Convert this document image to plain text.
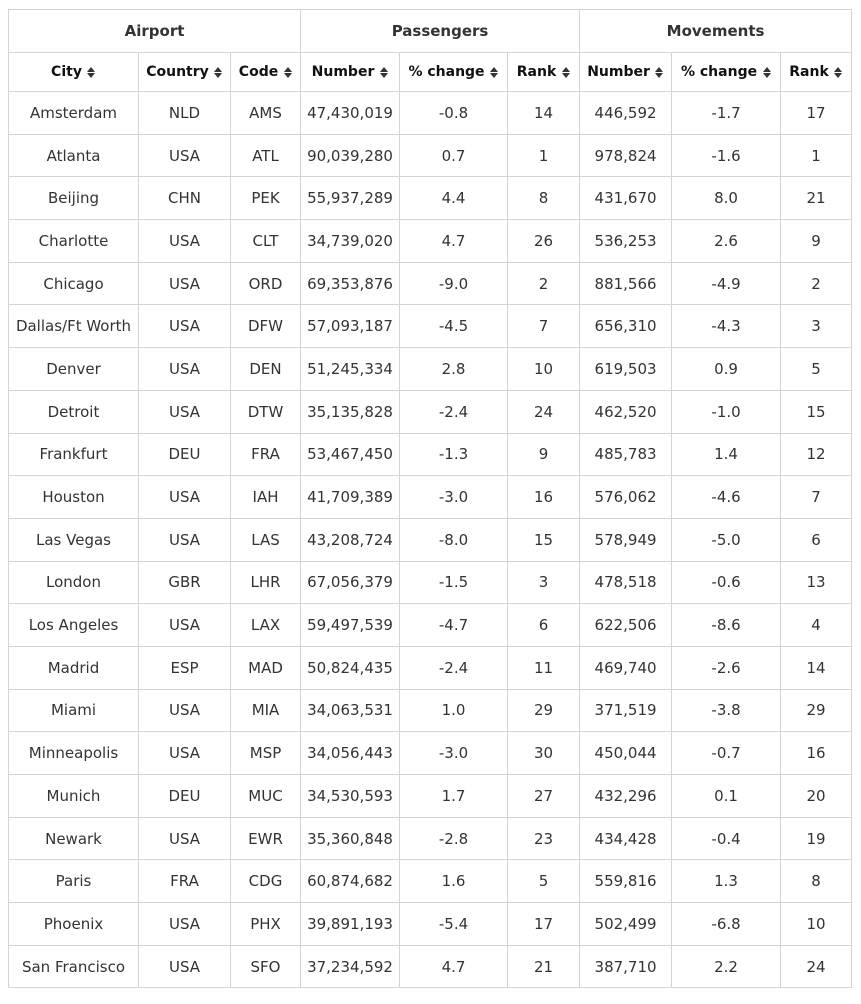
Airport			Passengers			Movements		

City	Country	Code	Number	% change	Rank	Number	% change	Rank

Amsterdam	NLD	AMS	47,430,019	-0.8	14	446,592	-1.7	17
Atlanta	USA	ATL	90,039,280	0.7	1	978,824	-1.6	1
Beijing	CHN	PEK	55,937,289	4.4	8	431,670	8.0	21
Charlotte	USA	CLT	34,739,020	4.7	26	536,253	2.6	9
Chicago	USA	ORD	69,353,876	-9.0	2	881,566	-4.9	2
Dallas/Ft Worth	USA	DFW	57,093,187	-4.5	7	656,310	-4.3	3
Denver	USA	DEN	51,245,334	2.8	10	619,503	0.9	5
Detroit	USA	DTW	35,135,828	-2.4	24	462,520	-1.0	15
Frankfurt	DEU	FRA	53,467,450	-1.3	9	485,783	1.4	12
Houston	USA	IAH	41,709,389	-3.0	16	576,062	-4.6	7
Las Vegas	USA	LAS	43,208,724	-8.0	15	578,949	-5.0	6
London	GBR	LHR	67,056,379	-1.5	3	478,518	-0.6	13
Los Angeles	USA	LAX	59,497,539	-4.7	6	622,506	-8.6	4
Madrid	ESP	MAD	50,824,435	-2.4	11	469,740	-2.6	14
Miami	USA	MIA	34,063,531	1.0	29	371,519	-3.8	29
Minneapolis	USA	MSP	34,056,443	-3.0	30	450,044	-0.7	16
Munich	DEU	MUC	34,530,593	1.7	27	432,296	0.1	20
Newark	USA	EWR	35,360,848	-2.8	23	434,428	-0.4	19
Paris	FRA	CDG	60,874,682	1.6	5	559,816	1.3	8
Phoenix	USA	PHX	39,891,193	-5.4	17	502,499	-6.8	10
San Francisco	USA	SFO	37,234,592	4.7	21	387,710	2.2	24
